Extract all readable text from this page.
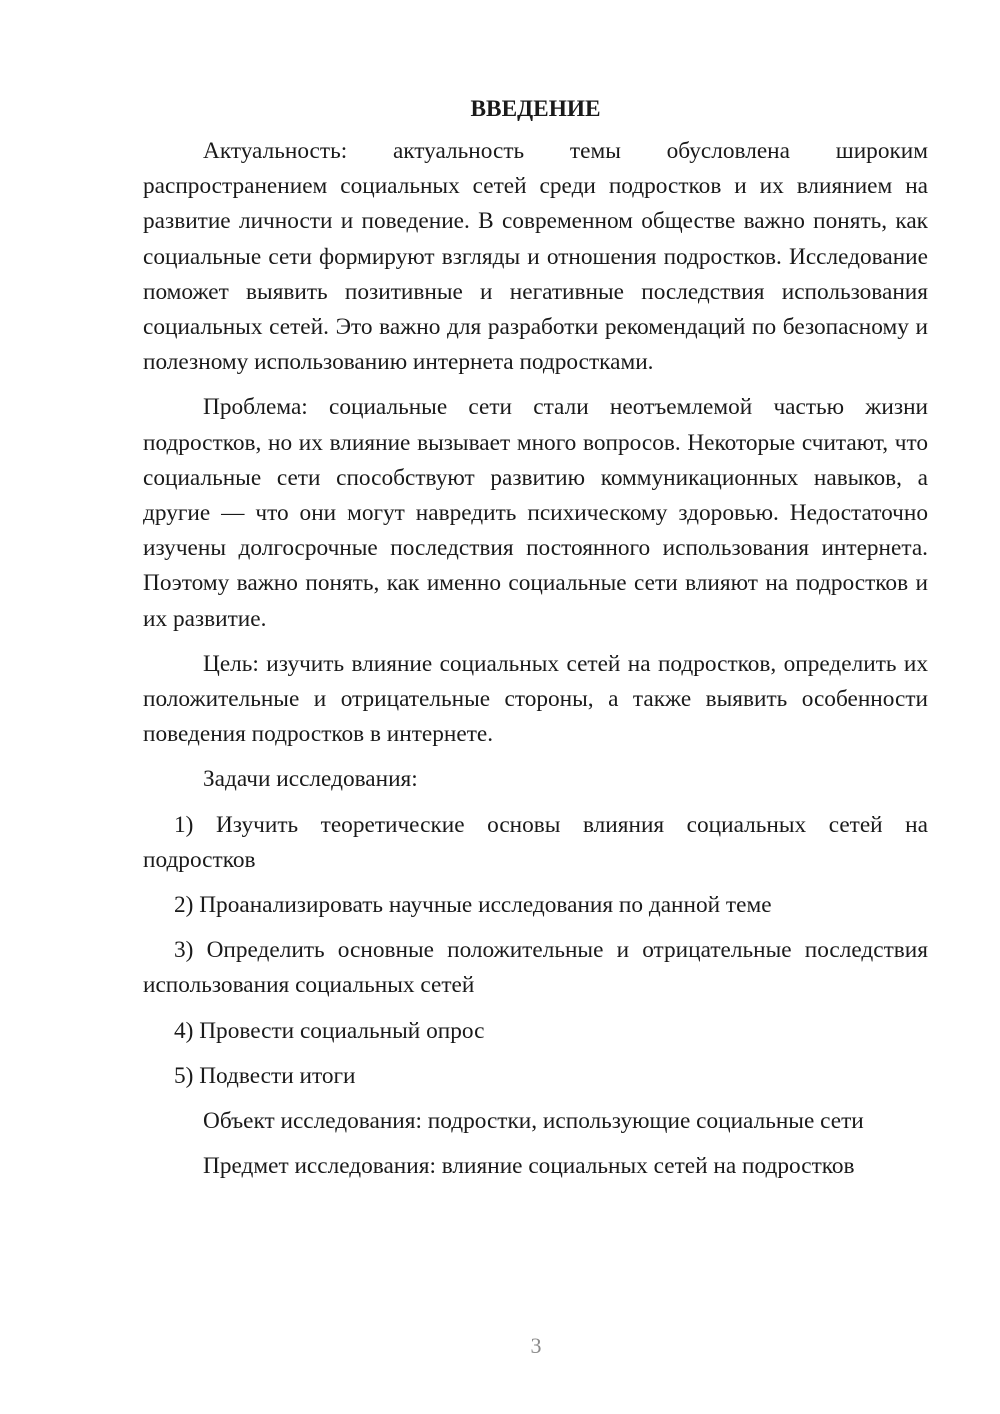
ВВЕДЕНИЕ

Актуальность: актуальность темы обусловлена широким распространением социальных сетей среди подростков и их влиянием на развитие личности и поведение. В современном обществе важно понять, как социальные сети формируют взгляды и отношения подростков. Исследование поможет выявить позитивные и негативные последствия использования социальных сетей. Это важно для разработки рекомендаций по безопасному и полезному использованию интернета подростками.

Проблема: социальные сети стали неотъемлемой частью жизни подростков, но их влияние вызывает много вопросов. Некоторые считают, что социальные сети способствуют развитию коммуникационных навыков, а другие — что они могут навредить психическому здоровью. Недостаточно изучены долгосрочные последствия постоянного использования интернета. Поэтому важно понять, как именно социальные сети влияют на подростков и их развитие.

Цель: изучить влияние социальных сетей на подростков, определить их положительные и отрицательные стороны, а также выявить особенности поведения подростков в интернете.

Задачи исследования:

1) Изучить теоретические основы влияния социальных сетей на подростков

2) Проанализировать научные исследования по данной теме

3) Определить основные положительные и отрицательные последствия использования социальных сетей

4) Провести социальный опрос

5) Подвести итоги

Объект исследования: подростки, использующие социальные сети

Предмет исследования: влияние социальных сетей на подростков

3
